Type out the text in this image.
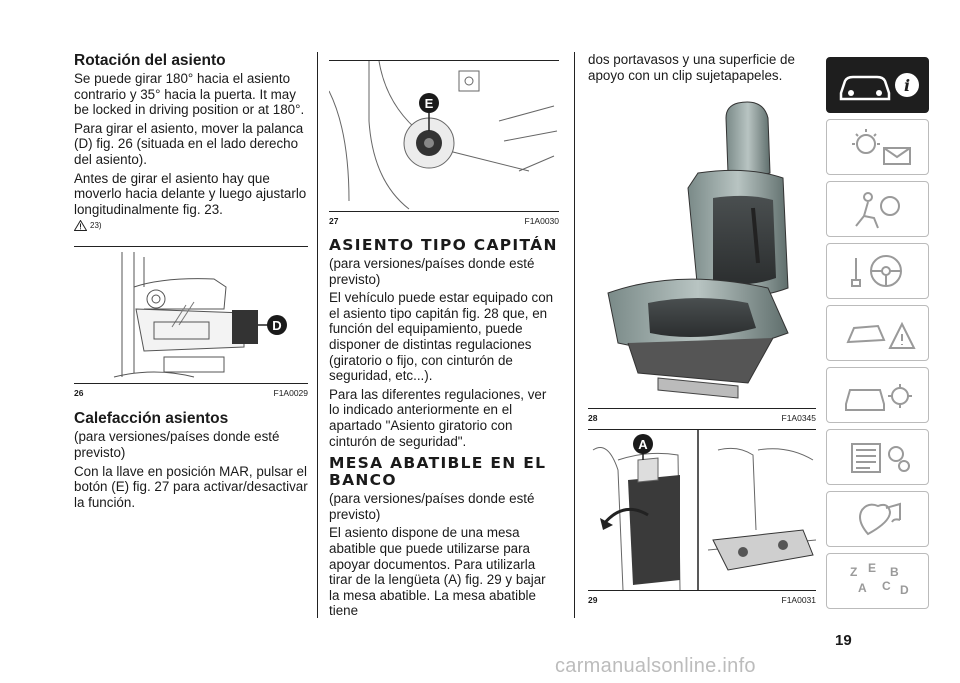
Rotación del asiento

Se puede girar 180° hacia el asiento contrario y 35° hacia la puerta. It may be locked in driving position or at 180°.

Para girar el asiento, mover la palanca (D) fig. 26 (situada en el lado derecho del asiento).

Antes de girar el asiento hay que moverlo hacia delante y luego ajustarlo longitudinalmente fig. 23.

23)
D
26	F1A0029
Calefacción asientos

(para versiones/países donde esté previsto)

Con la llave en posición MAR, pulsar el botón (E) fig. 27 para activar/desactivar la función.

E
27	F1A0030
ASIENTO TIPO CAPITÁN

(para versiones/países donde esté previsto)

El vehículo puede estar equipado con el asiento tipo capitán fig. 28 que, en función del equipamiento, puede disponer de distintas regulaciones (giratorio o fijo, con cinturón de seguridad, etc...).

Para las diferentes regulaciones, ver lo indicado anteriormente en el apartado "Asiento giratorio con cinturón de seguridad".

MESA ABATIBLE EN EL BANCO

(para versiones/países donde esté previsto)

El asiento dispone de una mesa abatible que puede utilizarse para apoyar documentos. Para utilizarla tirar de la lengüeta (A) fig. 29 y bajar la mesa abatible. La mesa abatible tiene

dos portavasos y una superficie de apoyo con un clip sujetapapeles.

28	F1A0345
A
29	F1A0031
i
Z E B
A C D
19
carmanualsonline.info
